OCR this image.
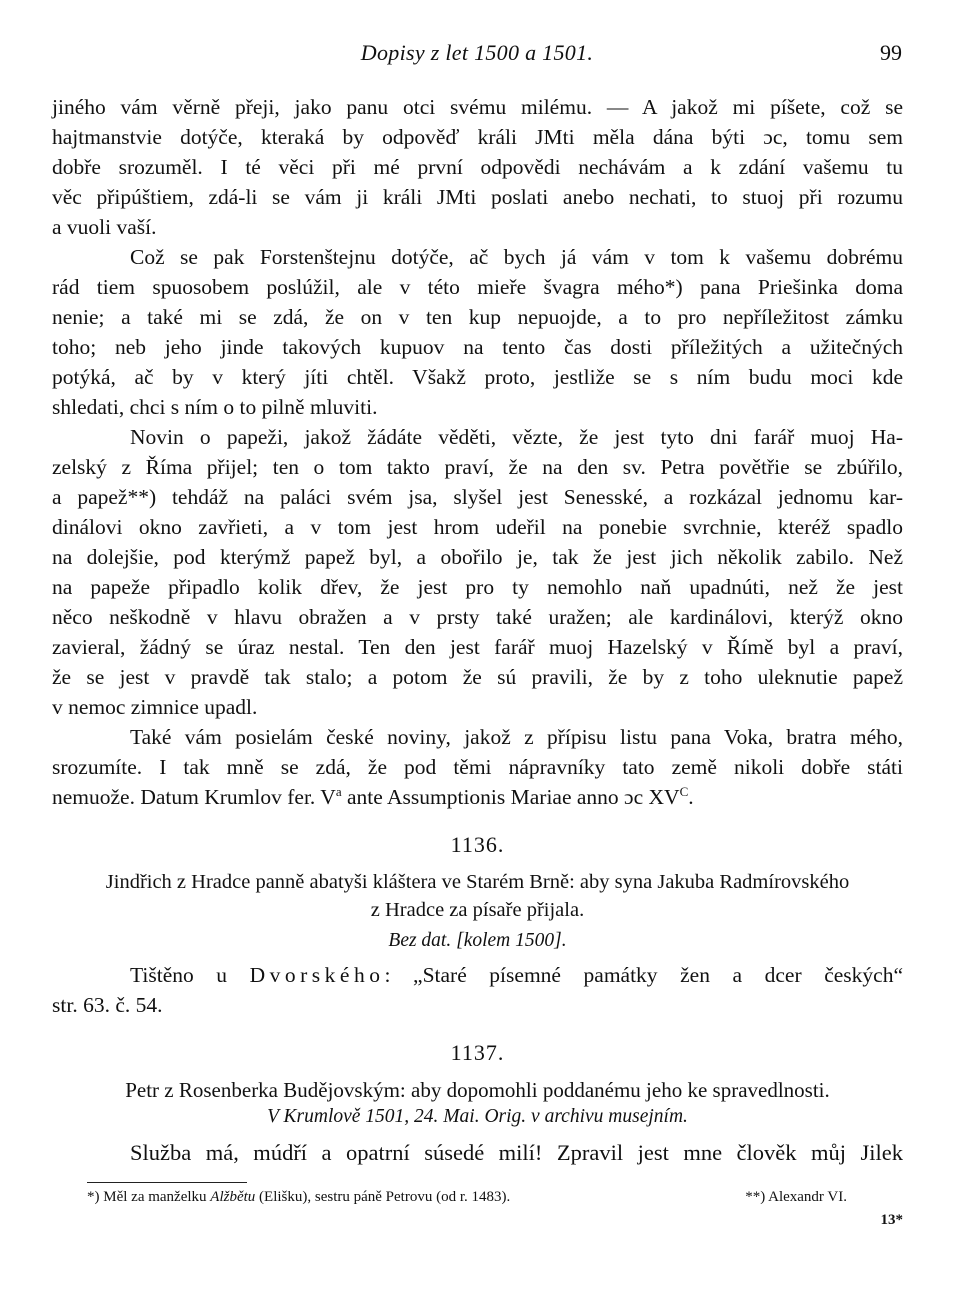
Dopisy z let 1500 a 1501.	99

jiného vám věrně přeji, jako panu otci svému milému. — A jakož mi píšete, což se
hajtmanstvie dotýče, kteraká by odpověď králi JMti měla dána býti ɔc, tomu sem
dobře srozuměl. I té věci při mé první odpovědi nechávám a k zdání vašemu tu
věc připúštiem, zdá-li se vám ji králi JMti poslati anebo nechati, to stuoj při rozumu
a vuoli vaší.

Což se pak Forstenštejnu dotýče, ač bych já vám v tom k vašemu dobrému
rád tiem spuosobem poslúžil, ale v této mieře švagra mého*) pana Priešinka doma
nenie; a také mi se zdá, že on v ten kup nepuojde, a to pro nepříležitost zámku
toho; neb jeho jinde takových kupuov na tento čas dosti příležitých a užitečných
potýká, ač by v který jíti chtěl. Všakž proto, jestliže se s ním budu moci kde
shledati, chci s ním o to pilně mluviti.

Novin o papeži, jakož žádáte věděti, vězte, že jest tyto dni farář muoj Ha-
zelský z Říma přijel; ten o tom takto praví, že na den sv. Petra povětřie se zbúřilo,
a papež**) tehdáž na paláci svém jsa, slyšel jest Senesské, a rozkázal jednomu kar-
dinálovi okno zavřieti, a v tom jest hrom udeřil na ponebie svrchnie, kteréž spadlo
na dolejšie, pod kterýmž papež byl, a obořilo je, tak že jest jich několik zabilo. Než
na papeže připadlo kolik dřev, že jest pro ty nemohlo naň upadnúti, než že jest
něco neškodně v hlavu obražen a v prsty také uražen; ale kardinálovi, kterýž okno
zavieral, žádný se úraz nestal. Ten den jest farář muoj Hazelský v Římě byl a praví,
že se jest v pravdě tak stalo; a potom že sú pravili, že by z toho uleknutie papež
v nemoc zimnice upadl.

Také vám posielám české noviny, jakož z přípisu listu pana Voka, bratra mého,
srozumíte. I tak mně se zdá, že pod těmi nápravníky tato země nikoli dobře státi
nemuože. Datum Krumlov fer. $V^a$ ante Assumptionis Mariae anno ɔc $XV^C$.

1136.
Jindřich z Hradce panně abatyši kláštera ve Starém Brně: aby syna Jakuba Radmírovského
z Hradce za písaře přijala.
Bez dat. [kolem 1500].

Tištěno u Dvorského: „Staré písemné památky žen a dcer českých“
str. 63. č. 54.

1137.
Petr z Rosenberka Budějovským: aby dopomohli poddanému jeho ke spravedlnosti.
V Krumlově 1501, 24. Mai. Orig. v archivu musejním.

Služba má, múdří a opatrní súsedé milí! Zpravil jest mne člověk můj Jilek

*) Měl za manželku Alžbětu (Elišku), sestru páně Petrovu (od r. 1483).	**) Alexandr VI.
13*
